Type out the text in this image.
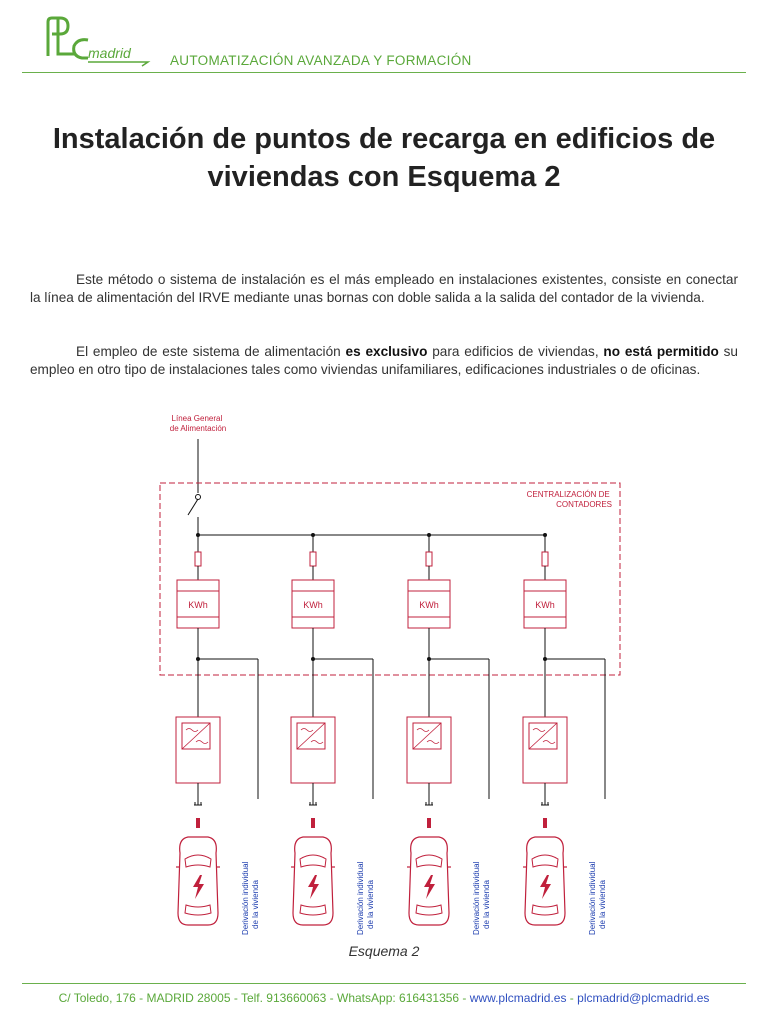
madrid	AUTOMATIZACIÓN AVANZADA Y FORMACIÓN
Instalación de puntos de recarga en edificios de viviendas con Esquema 2
Este método o sistema de instalación es el más empleado en instalaciones existentes, consiste en conectar la línea de alimentación del IRVE mediante unas bornas con doble salida a la salida del contador de la vivienda.
El empleo de este sistema de alimentación es exclusivo para edificios de viviendas, no está permitido su empleo en otro tipo de instalaciones tales como viviendas unifamiliares, edificaciones industriales o de oficinas.
Línea General de Alimentación
CENTRALIZACIÓN DE CONTADORES
KWh
Derivación individualde la vivienda
KWh
Derivación individualde la vivienda
KWh
Derivación individualde la vivienda
KWh
Derivación individualde la vivienda
Esquema 2
C/ Toledo, 176 - MADRID 28005 - Telf. 913660063 - WhatsApp: 616431356 - www.plcmadrid.es - plcmadrid@plcmadrid.es
